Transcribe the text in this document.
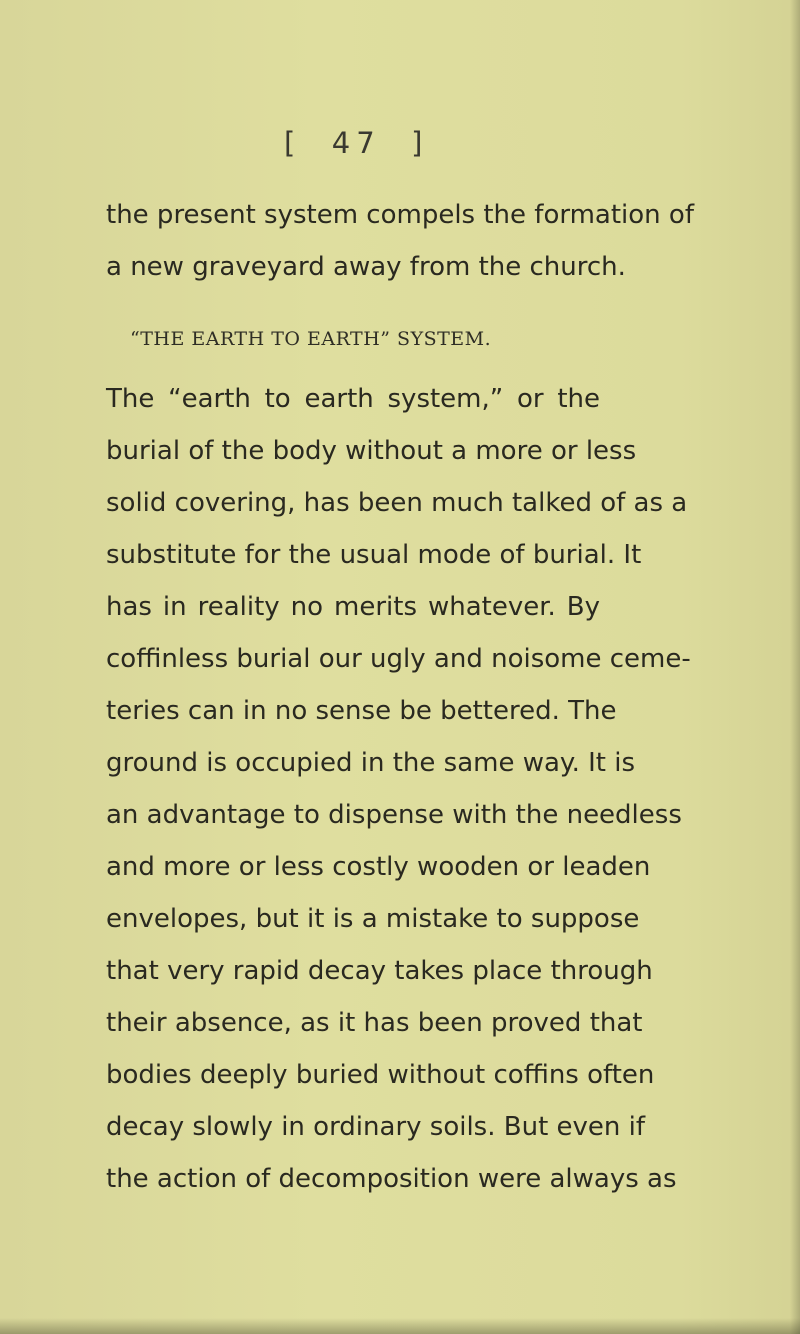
[  47  ]
the present system compels the formation of
a new graveyard away from the church.
“THE EARTH TO EARTH” SYSTEM.
The “earth to earth system,” or the
burial of the body without a more or less
solid covering, has been much talked of as a
substitute for the usual mode of burial. It
has in reality no merits whatever. By
coffinless burial our ugly and noisome ceme-
teries can in no sense be bettered. The
ground is occupied in the same way. It is
an advantage to dispense with the needless
and more or less costly wooden or leaden
envelopes, but it is a mistake to suppose
that very rapid decay takes place through
their absence, as it has been proved that
bodies deeply buried without coffins often
decay slowly in ordinary soils. But even if
the action of decomposition were always as
